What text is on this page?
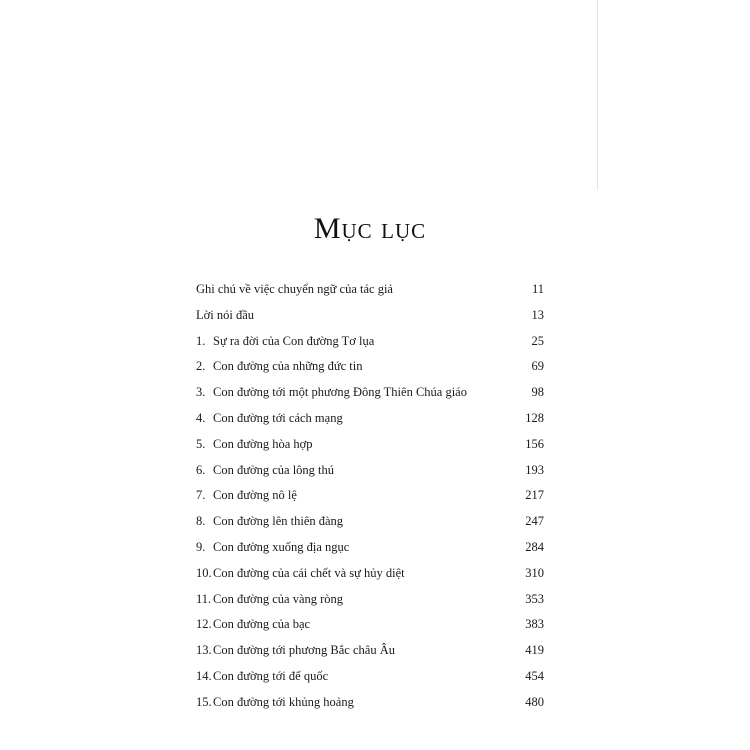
Mục lục
Ghi chú về việc chuyển ngữ của tác giả	11
Lời nói đầu	13
1. Sự ra đời của Con đường Tơ lụa	25
2. Con đường của những đức tin	69
3. Con đường tới một phương Đông Thiên Chúa giáo	98
4. Con đường tới cách mạng	128
5. Con đường hòa hợp	156
6. Con đường của lông thú	193
7. Con đường nô lệ	217
8. Con đường lên thiên đàng	247
9. Con đường xuống địa ngục	284
10. Con đường của cái chết và sự hủy diệt	310
11. Con đường của vàng ròng	353
12. Con đường của bạc	383
13. Con đường tới phương Bắc châu Âu	419
14. Con đường tới đế quốc	454
15. Con đường tới khủng hoảng	480
